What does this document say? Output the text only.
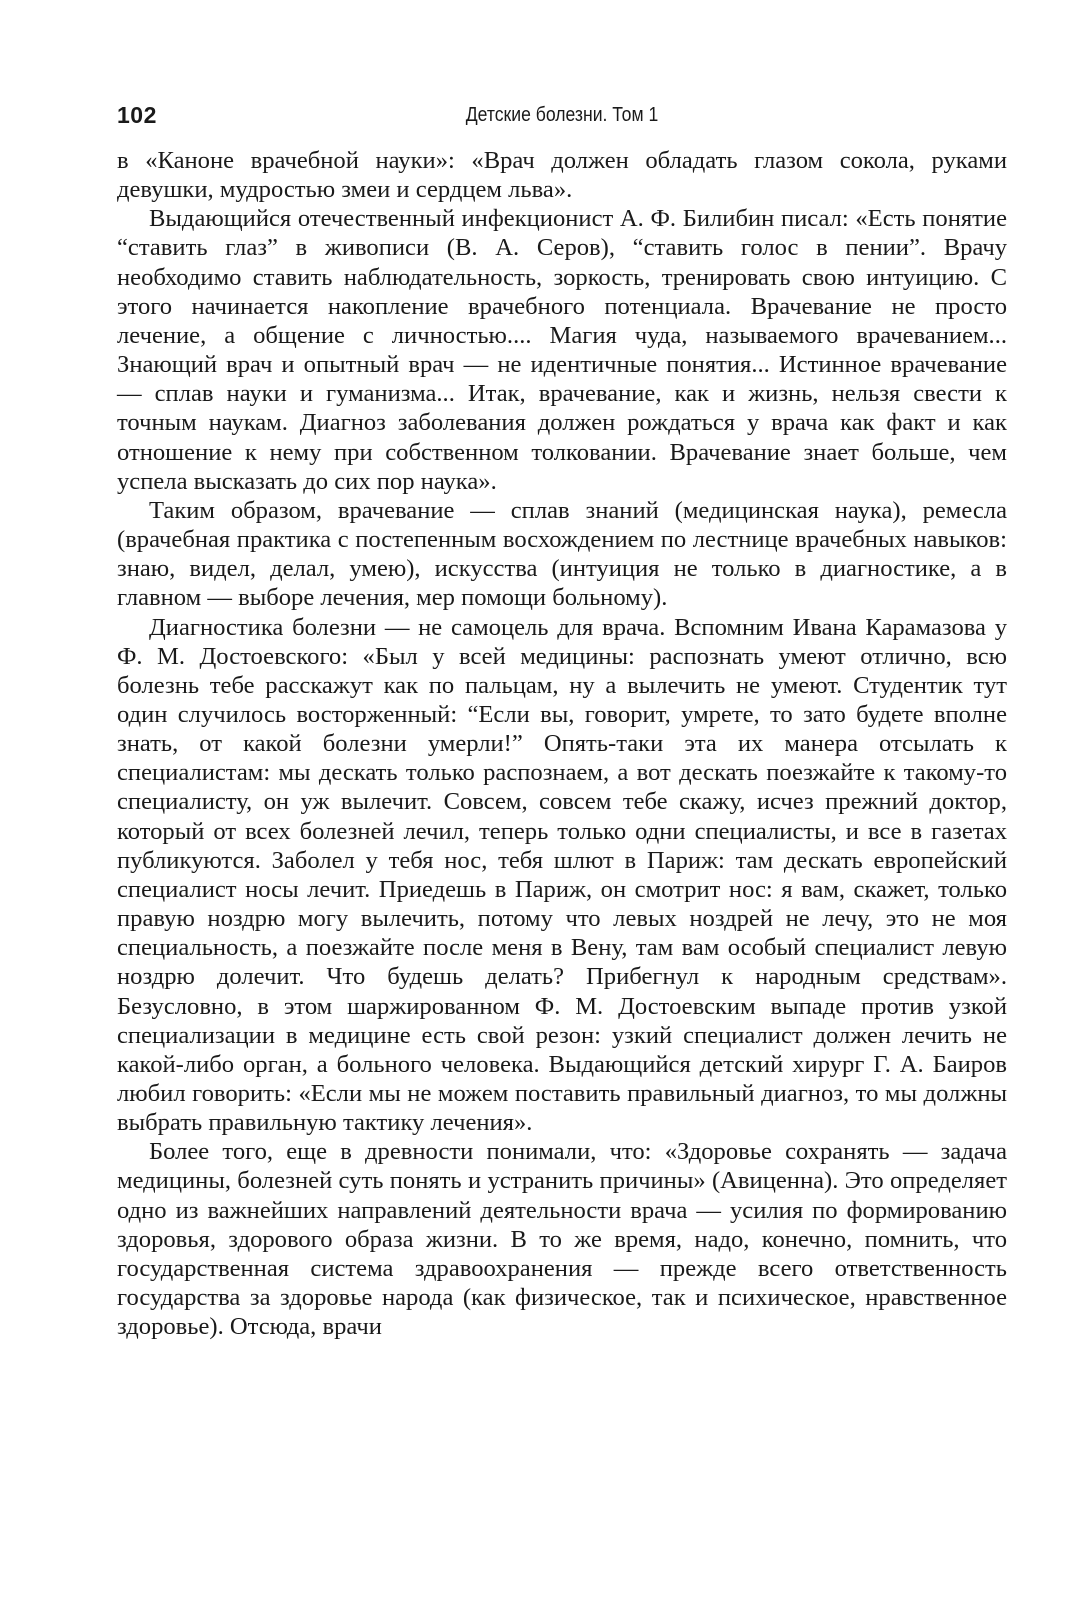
102	Детские болезни. Том 1

в «Каноне врачебной науки»: «Врач должен обладать глазом сокола, руками девушки, мудростью змеи и сердцем льва».

Выдающийся отечественный инфекционист А. Ф. Билибин писал: «Есть понятие “ставить глаз” в живописи (В. А. Серов), “ставить голос в пении”. Врачу необходимо ставить наблюдательность, зоркость, тренировать свою интуицию. С этого начинается накопление врачебного потенциала. Врачевание не просто лечение, а общение с личностью.... Магия чуда, называемого врачеванием... Знающий врач и опытный врач — не идентичные понятия... Истинное врачевание — сплав науки и гуманизма... Итак, врачевание, как и жизнь, нельзя свести к точным наукам. Диагноз заболевания должен рождаться у врача как факт и как отношение к нему при собственном толковании. Врачевание знает больше, чем успела высказать до сих пор наука».

Таким образом, врачевание — сплав знаний (медицинская наука), ремесла (врачебная практика с постепенным восхождением по лестнице врачебных навыков: знаю, видел, делал, умею), искусства (интуиция не только в диагностике, а в главном — выборе лечения, мер помощи больному).

Диагностика болезни — не самоцель для врача. Вспомним Ивана Карамазова у Ф. М. Достоевского: «Был у всей медицины: распознать умеют отлично, всю болезнь тебе расскажут как по пальцам, ну а вылечить не умеют. Студентик тут один случилось восторженный: “Если вы, говорит, умрете, то зато будете вполне знать, от какой болезни умерли!” Опять-таки эта их манера отсылать к специалистам: мы дескать только распознаем, а вот дескать поезжайте к такому-то специалисту, он уж вылечит. Совсем, совсем тебе скажу, исчез прежний доктор, который от всех болезней лечил, теперь только одни специалисты, и все в газетах публикуются. Заболел у тебя нос, тебя шлют в Париж: там дескать европейский специалист носы лечит. Приедешь в Париж, он смотрит нос: я вам, скажет, только правую ноздрю могу вылечить, потому что левых ноздрей не лечу, это не моя специальность, а поезжайте после меня в Вену, там вам особый специалист левую ноздрю долечит. Что будешь делать? Прибегнул к народным средствам». Безусловно, в этом шаржированном Ф. М. Достоевским выпаде против узкой специализации в медицине есть свой резон: узкий специалист должен лечить не какой-либо орган, а больного человека. Выдающийся детский хирург Г. А. Баиров любил говорить: «Если мы не можем поставить правильный диагноз, то мы должны выбрать правильную тактику лечения».

Более того, еще в древности понимали, что: «Здоровье сохранять — задача медицины, болезней суть понять и устранить причины» (Авиценна). Это определяет одно из важнейших направлений деятельности врача — усилия по формированию здоровья, здорового образа жизни. В то же время, надо, конечно, помнить, что государственная система здравоохранения — прежде всего ответственность государства за здоровье народа (как физическое, так и психическое, нравственное здоровье). Отсюда, врачи
